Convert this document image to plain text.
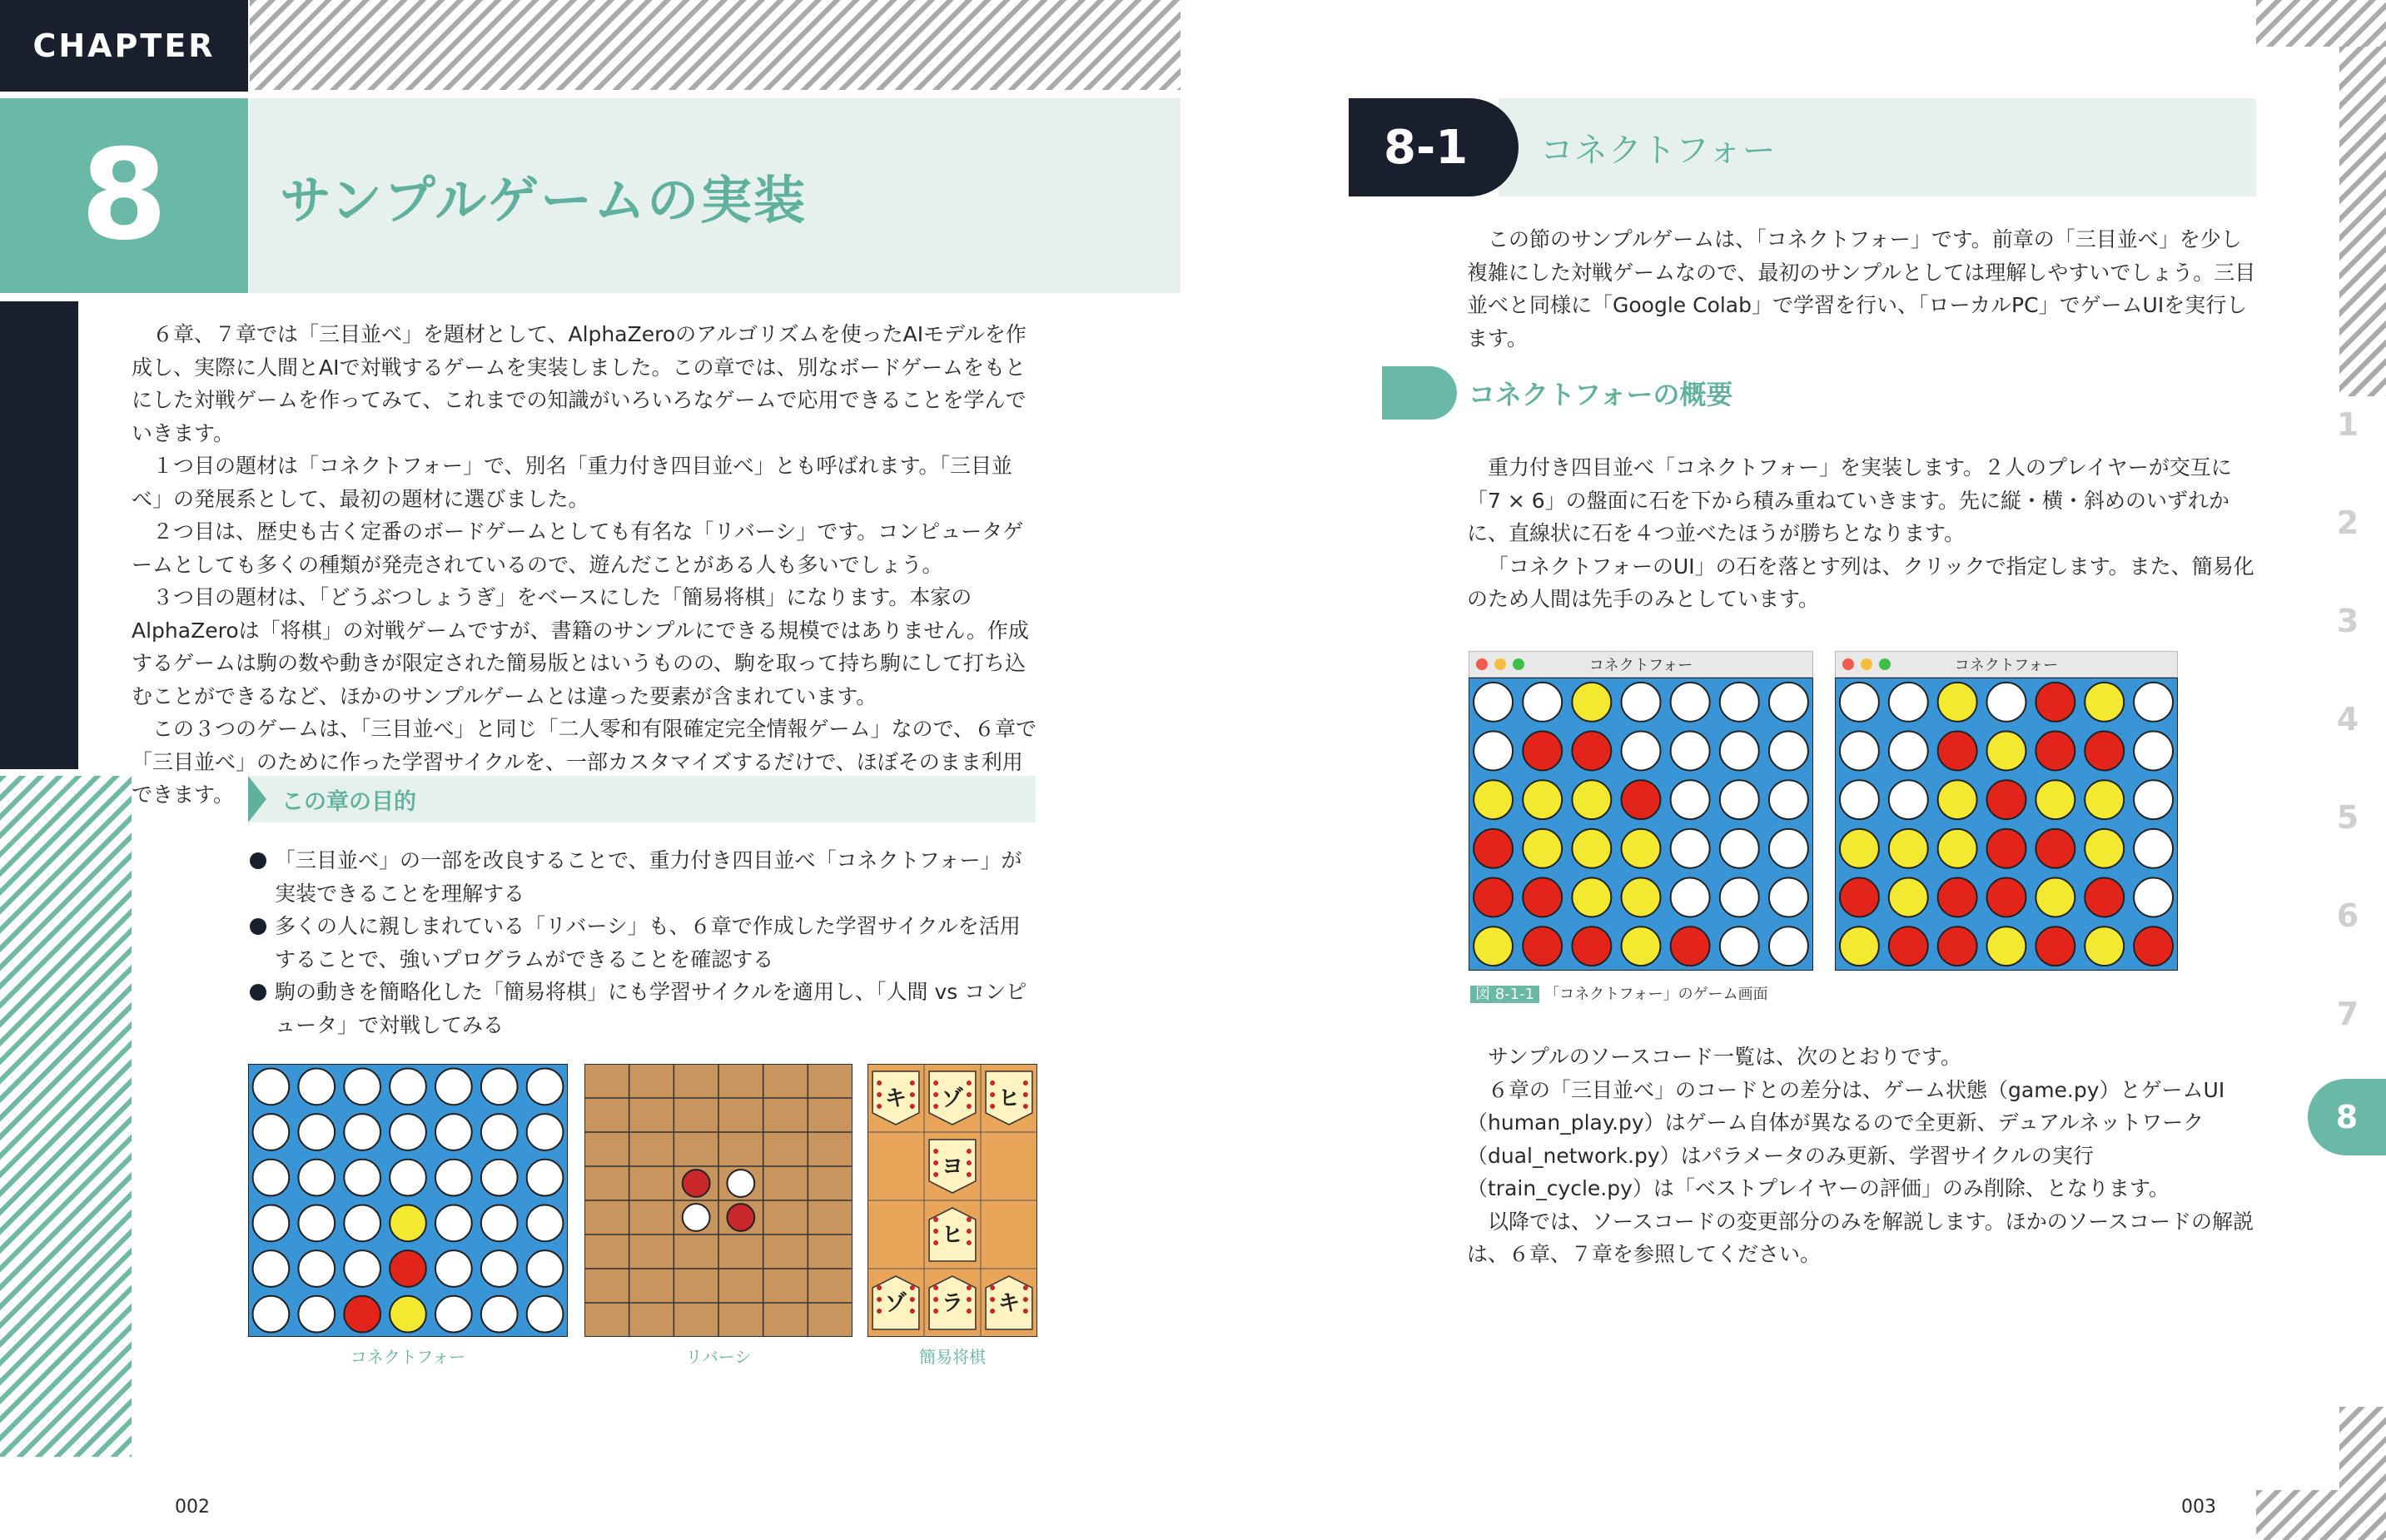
CHAPTER
8	サンプルゲームの実装

６章、７章では「三目並べ」を題材として、AlphaZeroのアルゴリズムを使ったAIモデルを作成し、実際に人間とAIで対戦するゲームを実装しました。この章では、別なボードゲームをもとにした対戦ゲームを作ってみて、これまでの知識がいろいろなゲームで応用できることを学んでいきます。

１つ目の題材は「コネクトフォー」で、別名「重力付き四目並べ」とも呼ばれます。「三目並べ」の発展系として、最初の題材に選びました。

２つ目は、歴史も古く定番のボードゲームとしても有名な「リバーシ」です。コンピュータゲームとしても多くの種類が発売されているので、遊んだことがある人も多いでしょう。

３つ目の題材は、「どうぶつしょうぎ」をベースにした「簡易将棋」になります。本家のAlphaZeroは「将棋」の対戦ゲームですが、書籍のサンプルにできる規模ではありません。作成するゲームは駒の数や動きが限定された簡易版とはいうものの、駒を取って持ち駒にして打ち込むことができるなど、ほかのサンプルゲームとは違った要素が含まれています。

この３つのゲームは、「三目並べ」と同じ「二人零和有限確定完全情報ゲーム」なので、６章で「三目並べ」のために作った学習サイクルを、一部カスタマイズするだけで、ほぼそのまま利用できます。	この章の目的
「三目並べ」の一部を改良することで、重力付き四目並べ「コネクトフォー」が実装できることを理解する
多くの人に親しまれている「リバーシ」も、６章で作成した学習サイクルを活用することで、強いプログラムができることを確認する
駒の動きを簡略化した「簡易将棋」にも学習サイクルを適用し、「人間 vs コンピュータ」で対戦してみる
キ ゾ ヒ
ヨ
ヒ
ゾ ラ キ
コネクトフォー	リバーシ	簡易将棋
002
8-1	コネクトフォー

この節のサンプルゲームは、「コネクトフォー」です。前章の「三目並べ」を少し複雑にした対戦ゲームなので、最初のサンプルとしては理解しやすいでしょう。三目並べと同様に「Google Colab」で学習を行い、「ローカルPC」でゲームUIを実行します。

コネクトフォーの概要

重力付き四目並べ「コネクトフォー」を実装します。２人のプレイヤーが交互に「7 × 6」の盤面に石を下から積み重ねていきます。先に縦・横・斜めのいずれかに、直線状に石を４つ並べたほうが勝ちとなります。

「コネクトフォーのUI」の石を落とす列は、クリックで指定します。また、簡易化のため人間は先手のみとしています。

コネクトフォー	コネクトフォー
図 8-1-1 「コネクトフォー」のゲーム画面

サンプルのソースコード一覧は、次のとおりです。

６章の「三目並べ」のコードとの差分は、ゲーム状態（game.py）とゲームUI（human_play.py）はゲーム自体が異なるので全更新、デュアルネットワーク（dual_network.py）はパラメータのみ更新、学習サイクルの実行（train_cycle.py）は「ベストプレイヤーの評価」のみ削除、となります。

以降では、ソースコードの変更部分のみを解説します。ほかのソースコードの解説は、６章、７章を参照してください。

1
2
3
4
5
6
7
8
003
